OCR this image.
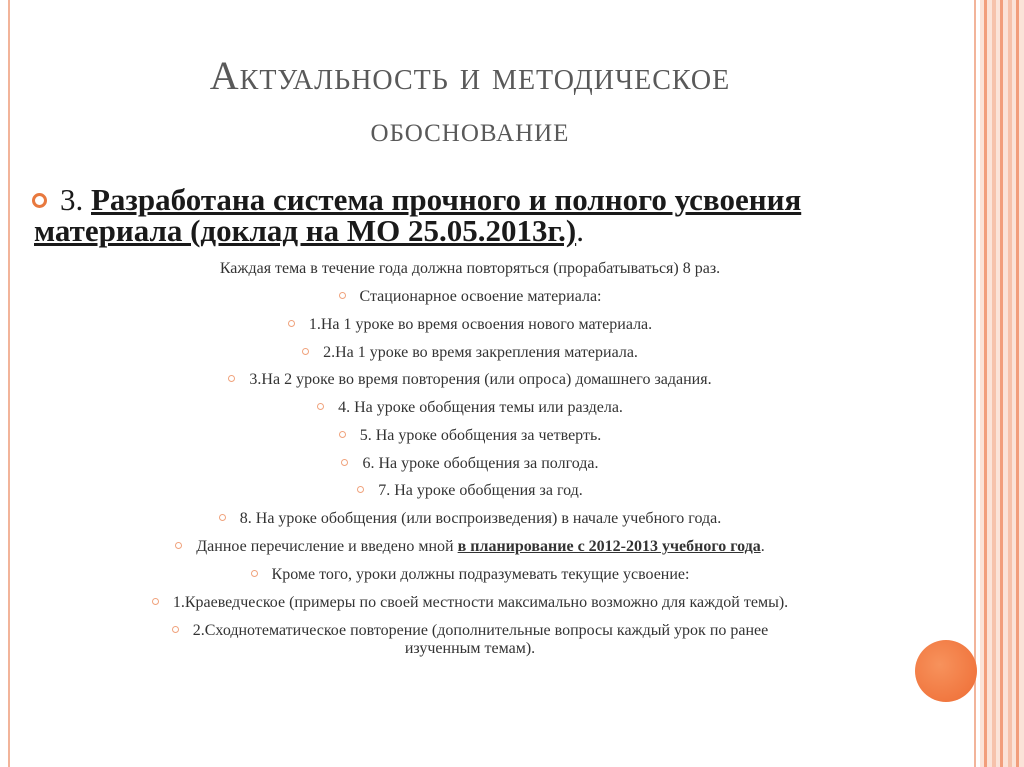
Актуальность и методическое
обоснование
3. Разработана система прочного и полного усвоения материала (доклад на МО 25.05.2013г.).
Каждая тема в течение года должна повторяться (прорабатываться) 8 раз.
Стационарное освоение материала:
1.На 1 уроке во время освоения нового материала.
2.На 1 уроке во время закрепления материала.
3.На 2 уроке во время повторения (или опроса) домашнего задания.
4. На уроке обобщения темы или раздела.
5. На уроке обобщения за четверть.
6. На уроке обобщения за полгода.
7. На уроке обобщения за год.
8. На уроке обобщения (или воспроизведения) в начале учебного года.
Данное перечисление и введено мной в планирование с 2012-2013 учебного года.
Кроме того, уроки должны подразумевать текущие усвоение:
1.Краеведческое (примеры по своей местности максимально возможно для каждой темы).
2.Сходнотематическое повторение (дополнительные вопросы каждый урок по ранее
изученным темам).
